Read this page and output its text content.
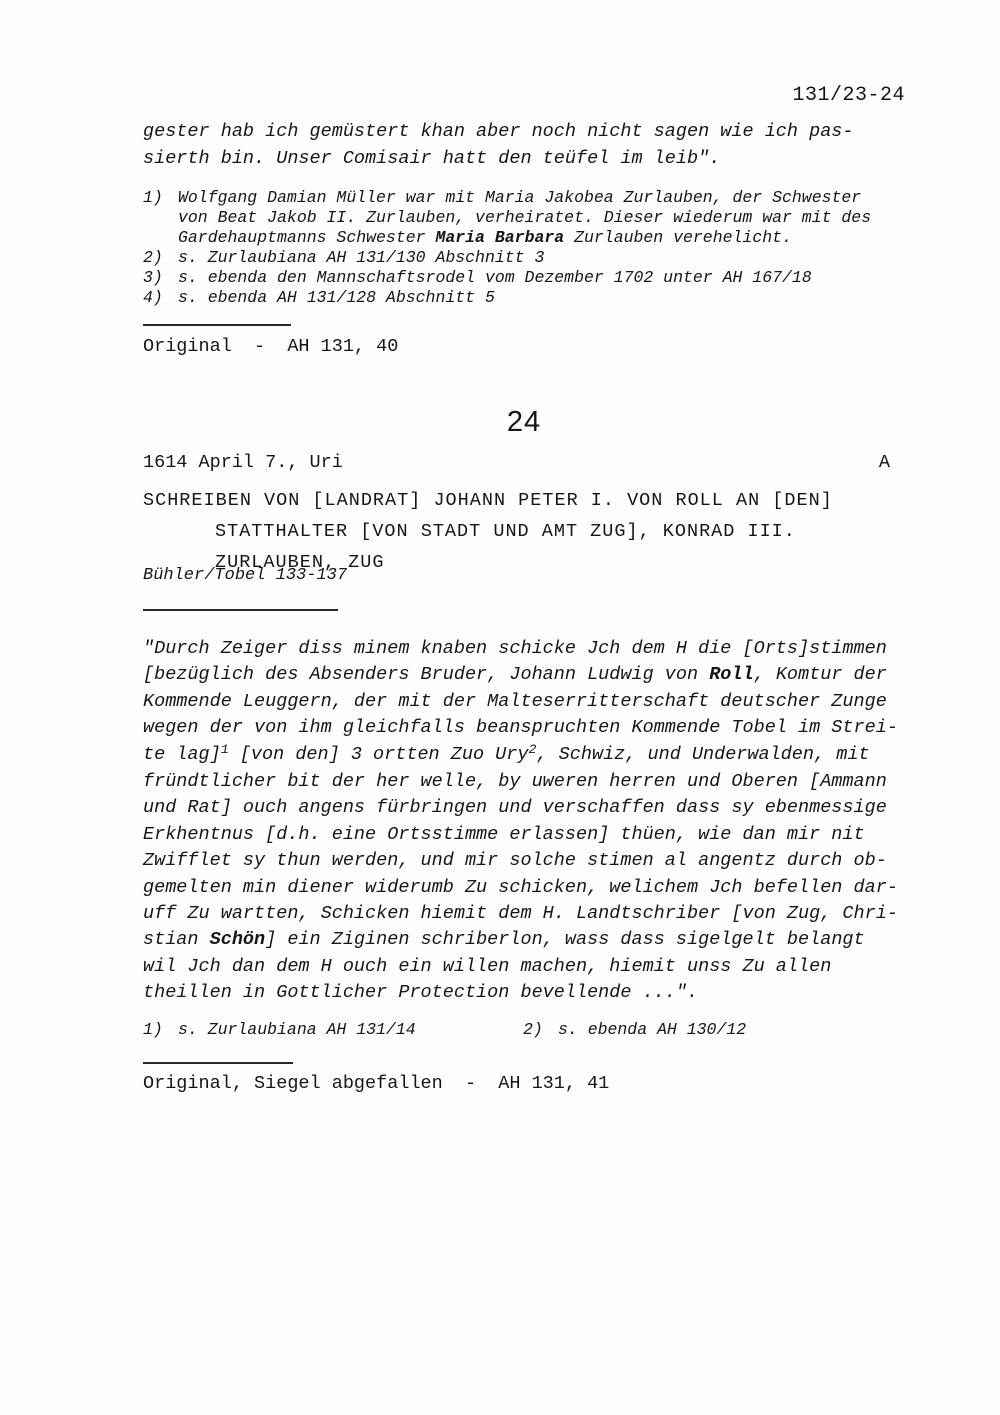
131/23-24
gester hab ich gemüstert khan aber noch nicht sagen wie ich pas-
sierth bin. Unser Comisair hatt den teüfel im leib".
1) Wolfgang Damian Müller war mit Maria Jakobea Zurlauben, der Schwester
von Beat Jakob II. Zurlauben, verheiratet. Dieser wiederum war mit des
Gardehauptmanns Schwester Maria Barbara Zurlauben verehelicht.
2) s. Zurlaubiana AH 131/130 Abschnitt 3
3) s. ebenda den Mannschaftsrodel vom Dezember 1702 unter AH 167/18
4) s. ebenda AH 131/128 Abschnitt 5
Original  -  AH 131, 40
24
1614 April 7., Uri	A
SCHREIBEN VON [LANDRAT] JOHANN PETER I. VON ROLL AN [DEN]
STATTHALTER [VON STADT UND AMT ZUG], KONRAD III.
ZURLAUBEN, ZUG
Bühler/Tobel 133-137
"Durch Zeiger diss minem knaben schicke Jch dem H die [Orts]stimmen
[bezüglich des Absenders Bruder, Johann Ludwig von Roll, Komtur der
Kommende Leuggern, der mit der Malteserritterschaft deutscher Zunge
wegen der von ihm gleichfalls beanspruchten Kommende Tobel im Strei-
te lag]$^1$ [von den] 3 ortten Zuo Ury$^2$, Schwiz, und Underwalden, mit
fründtlicher bit der her welle, by uweren herren und Oberen [Ammann
und Rat] ouch angens fürbringen und verschaffen dass sy ebenmessige
Erkhentnus [d.h. eine Ortsstimme erlassen] thüen, wie dan mir nit
Zwifflet sy thun werden, und mir solche stimen al angentz durch ob-
gemelten min diener widerumb Zu schicken, welichem Jch befellen dar-
uff Zu wartten, Schicken hiemit dem H. Landtschriber [von Zug, Chri-
stian Schön] ein Ziginen schriberlon, wass dass sigelgelt belangt
wil Jch dan dem H ouch ein willen machen, hiemit unss Zu allen
theillen in Gottlicher Protection bevellende ...".
1) s. Zurlaubiana AH 131/14	2) s. ebenda AH 130/12
Original, Siegel abgefallen  -  AH 131, 41
